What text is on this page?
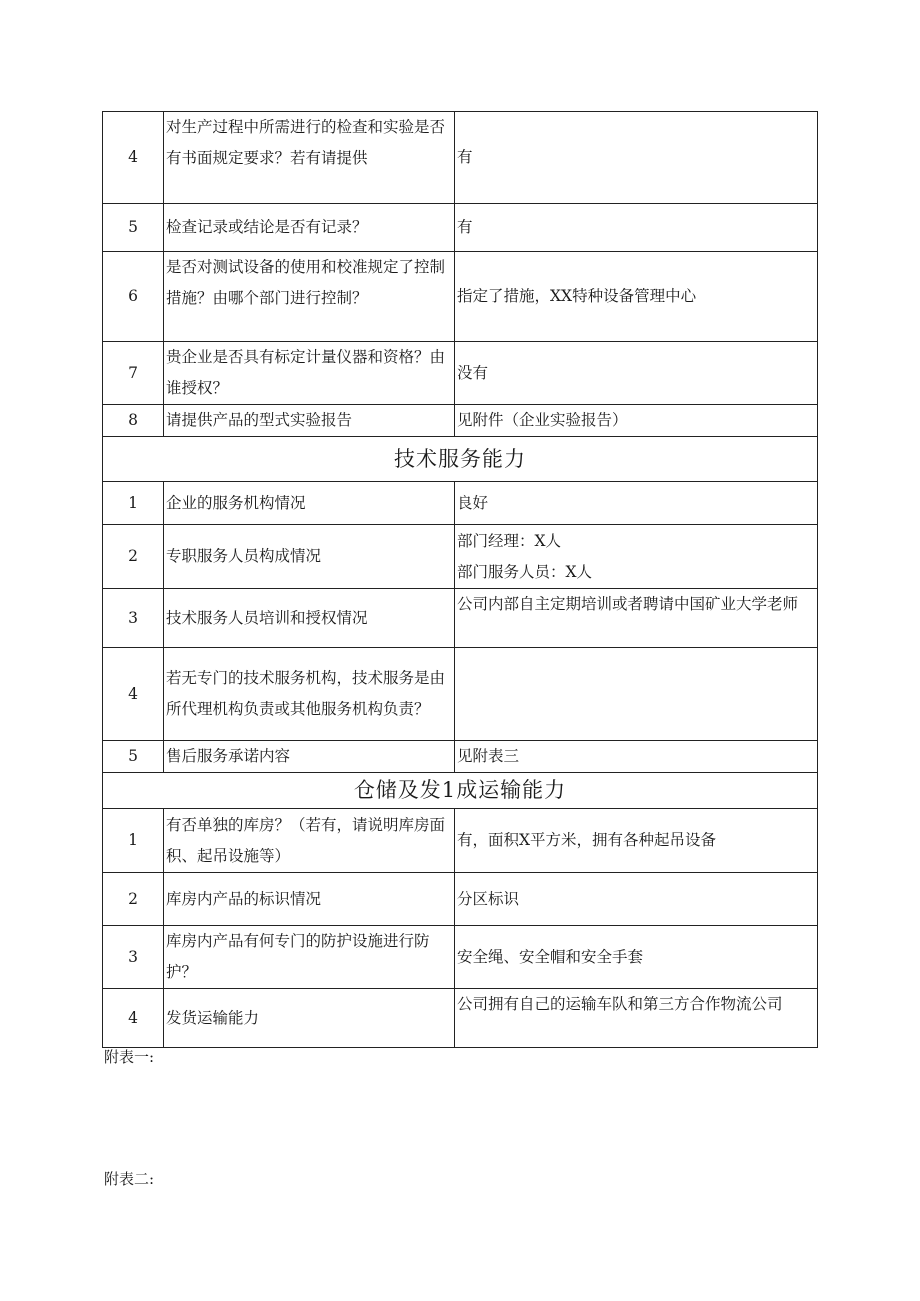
4	对生产过程中所需进行的检查和实验是否有书面规定要求？若有请提供	有
5	检查记录或结论是否有记录？	有
6	是否对测试设备的使用和校准规定了控制措施？由哪个部门进行控制？	指定了措施，XX特种设备管理中心
7	贵企业是否具有标定计量仪器和资格？由谁授权？	没有
8	请提供产品的型式实验报告	见附件（企业实验报告）
技术服务能力		
1	企业的服务机构情况	良好
2	专职服务人员构成情况	部门经理：X人
部门服务人员：X人

3	技术服务人员培训和授权情况	公司内部自主定期培训或者聘请中国矿业大学老师
4	若无专门的技术服务机构，技术服务是由所代理机构负责或其他服务机构负责？	
5	售后服务承诺内容	见附表三
仓储及发1成运输能力		
1	有否单独的库房？（若有，请说明库房面积、起吊设施等）	有，面积X平方米，拥有各种起吊设备
2	库房内产品的标识情况	分区标识
3	库房内产品有何专门的防护设施进行防护？	安全绳、安全帽和安全手套
4	发货运输能力	公司拥有自己的运输车队和第三方合作物流公司
附表一:
附表二:
